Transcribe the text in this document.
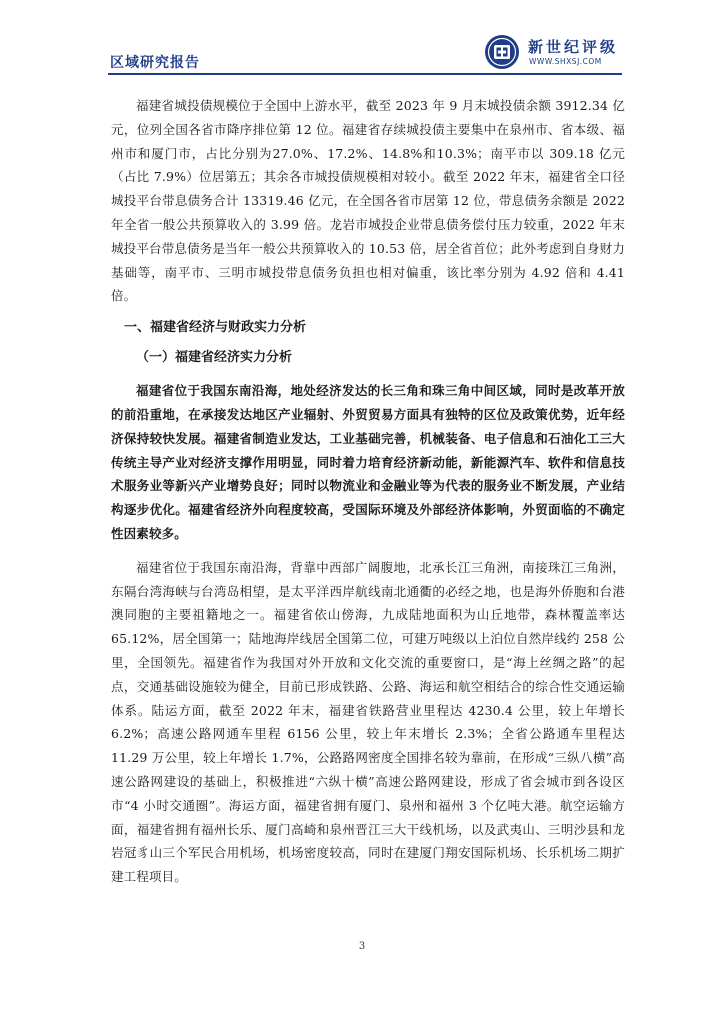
区域研究报告
新世纪评级
WWW.SHXSJ.COM

福建省城投债规模位于全国中上游水平，截至 2023 年 9 月末城投债余额 3912.34 亿元，位列全国各省市降序排位第 12 位。福建省存续城投债主要集中在泉州市、省本级、福州市和厦门市，占比分别为27.0%、17.2%、14.8%和10.3%；南平市以 309.18 亿元（占比 7.9%）位居第五；其余各市城投债规模相对较小。截至 2022 年末，福建省全口径城投平台带息债务合计 13319.46 亿元，在全国各省市居第 12 位，带息债务余额是 2022 年全省一般公共预算收入的 3.99 倍。龙岩市城投企业带息债务偿付压力较重，2022 年末城投平台带息债务是当年一般公共预算收入的 10.53 倍，居全省首位；此外考虑到自身财力基础等，南平市、三明市城投带息债务负担也相对偏重，该比率分别为 4.92 倍和 4.41 倍。

一、福建省经济与财政实力分析
（一）福建省经济实力分析

福建省位于我国东南沿海，地处经济发达的长三角和珠三角中间区域，同时是改革开放的前沿重地，在承接发达地区产业辐射、外贸贸易方面具有独特的区位及政策优势，近年经济保持较快发展。福建省制造业发达，工业基础完善，机械装备、电子信息和石油化工三大传统主导产业对经济支撑作用明显，同时着力培育经济新动能，新能源汽车、软件和信息技术服务业等新兴产业增势良好；同时以物流业和金融业等为代表的服务业不断发展，产业结构逐步优化。福建省经济外向程度较高，受国际环境及外部经济体影响，外贸面临的不确定性因素较多。

福建省位于我国东南沿海，背靠中西部广阔腹地，北承长江三角洲，南接珠江三角洲，东隔台湾海峡与台湾岛相望，是太平洋西岸航线南北通衢的必经之地，也是海外侨胞和台港澳同胞的主要祖籍地之一。福建省依山傍海，九成陆地面积为山丘地带，森林覆盖率达 65.12%，居全国第一；陆地海岸线居全国第二位，可建万吨级以上泊位自然岸线约 258 公里，全国领先。福建省作为我国对外开放和文化交流的重要窗口，是“海上丝绸之路”的起点，交通基础设施较为健全，目前已形成铁路、公路、海运和航空相结合的综合性交通运输体系。陆运方面，截至 2022 年末，福建省铁路营业里程达 4230.4 公里，较上年增长 6.2%；高速公路网通车里程 6156 公里，较上年末增长 2.3%；全省公路通车里程达 11.29 万公里，较上年增长 1.7%，公路路网密度全国排名较为靠前，在形成“三纵八横”高速公路网建设的基础上，积极推进“六纵十横”高速公路网建设，形成了省会城市到各设区市“4 小时交通圈”。海运方面，福建省拥有厦门、泉州和福州 3 个亿吨大港。航空运输方面，福建省拥有福州长乐、厦门高崎和泉州晋江三大干线机场，以及武夷山、三明沙县和龙岩冠豸山三个军民合用机场，机场密度较高，同时在建厦门翔安国际机场、长乐机场二期扩建工程项目。

3
